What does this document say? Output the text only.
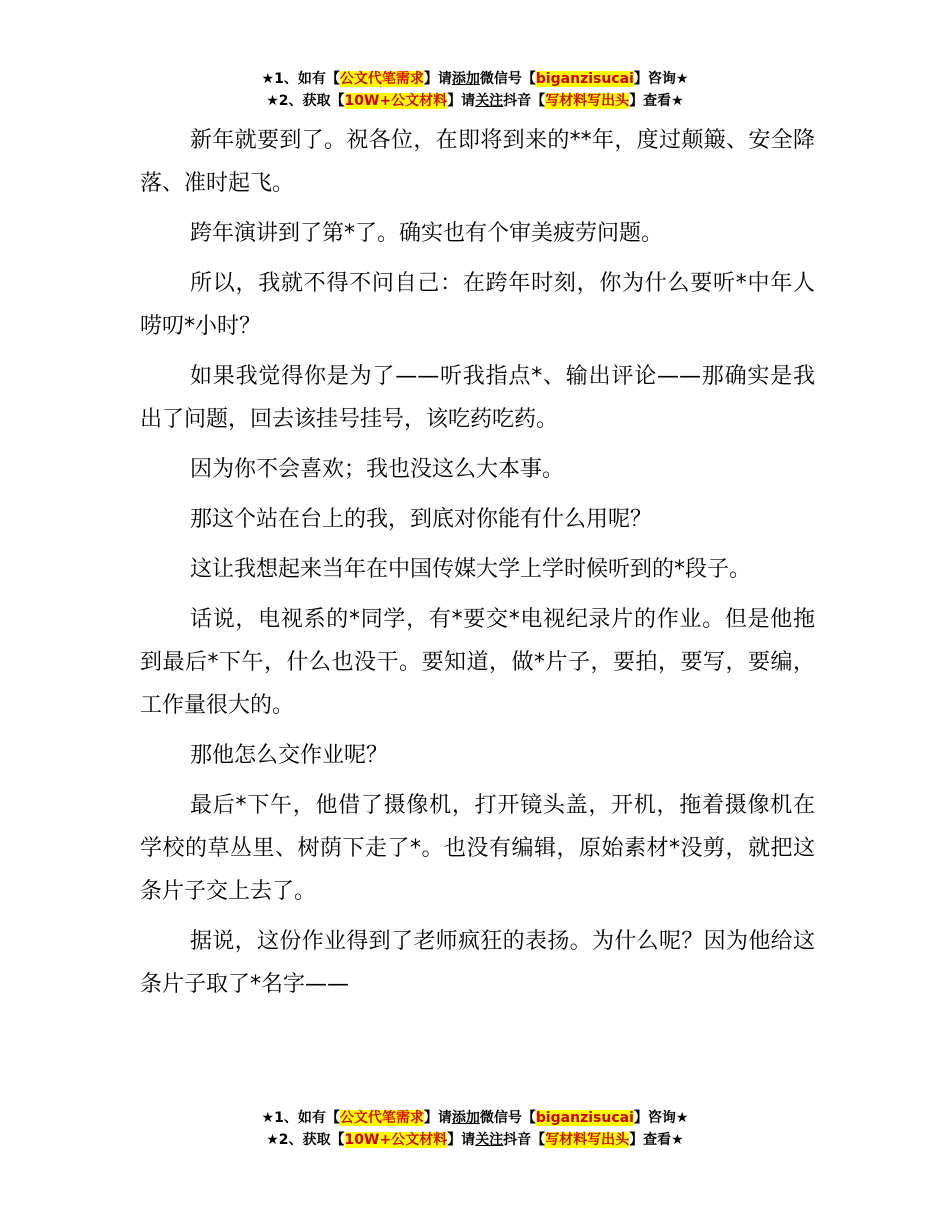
★1、如有【公文代笔需求】请添加微信号【biganzisucai】咨询★
★2、获取【10W+公文材料】请关注抖音【写材料写出头】查看★

新年就要到了。祝各位，在即将到来的**年，度过颠簸、安全降落、准时起飞。

跨年演讲到了第*了。确实也有个审美疲劳问题。

所以，我就不得不问自己：在跨年时刻，你为什么要听*中年人唠叨*小时？

如果我觉得你是为了——听我指点*、输出评论——那确实是我出了问题，回去该挂号挂号，该吃药吃药。

因为你不会喜欢；我也没这么大本事。

那这个站在台上的我，到底对你能有什么用呢？

这让我想起来当年在中国传媒大学上学时候听到的*段子。

话说，电视系的*同学，有*要交*电视纪录片的作业。但是他拖到最后*下午，什么也没干。要知道，做*片子，要拍，要写，要编，工作量很大的。

那他怎么交作业呢？

最后*下午，他借了摄像机，打开镜头盖，开机，拖着摄像机在学校的草丛里、树荫下走了*。也没有编辑，原始素材*没剪，就把这条片子交上去了。

据说，这份作业得到了老师疯狂的表扬。为什么呢？因为他给这条片子取了*名字——

★1、如有【公文代笔需求】请添加微信号【biganzisucai】咨询★
★2、获取【10W+公文材料】请关注抖音【写材料写出头】查看★
